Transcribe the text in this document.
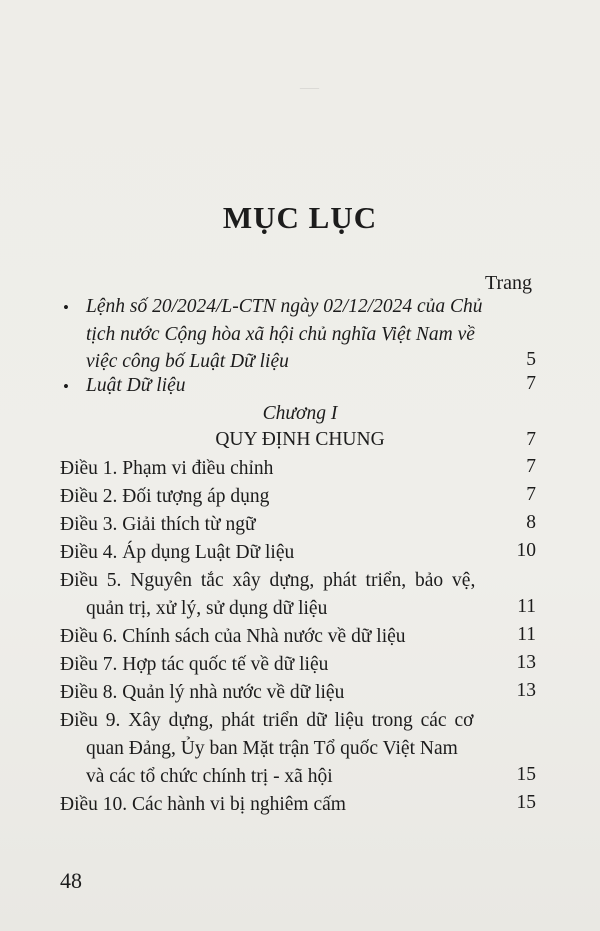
—
MỤC LỤC
Trang
• Lệnh số 20/2024/L-CTN ngày 02/12/2024 của Chủ
tịch nước Cộng hòa xã hội chủ nghĩa Việt Nam về
việc công bố Luật Dữ liệu	5
• Luật Dữ liệu	7
Chương I
QUY ĐỊNH CHUNG	7
Điều 1. Phạm vi điều chỉnh	7
Điều 2. Đối tượng áp dụng	7
Điều 3. Giải thích từ ngữ	8
Điều 4. Áp dụng Luật Dữ liệu	10
Điều 5. Nguyên tắc xây dựng, phát triển, bảo vệ,
quản trị, xử lý, sử dụng dữ liệu	11
Điều 6. Chính sách của Nhà nước về dữ liệu	11
Điều 7. Hợp tác quốc tế về dữ liệu	13
Điều 8. Quản lý nhà nước về dữ liệu	13
Điều 9. Xây dựng, phát triển dữ liệu trong các cơ
quan Đảng, Ủy ban Mặt trận Tổ quốc Việt Nam
và các tổ chức chính trị - xã hội	15
Điều 10. Các hành vi bị nghiêm cấm	15
48
